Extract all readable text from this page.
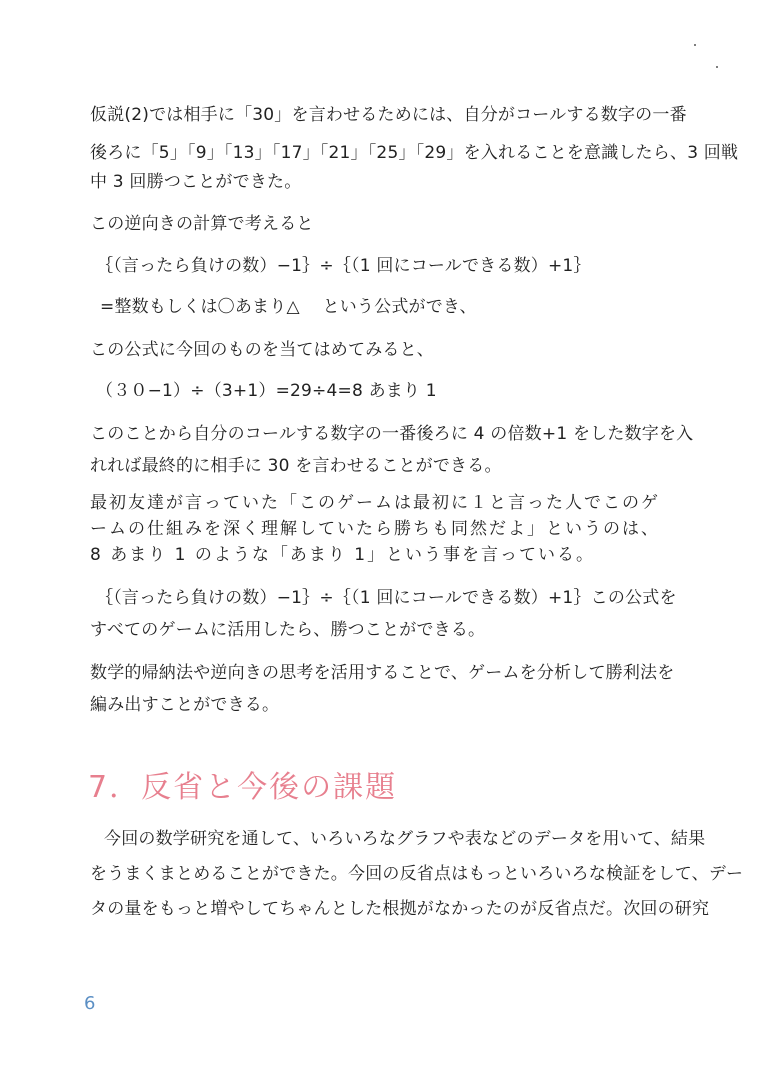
仮説(2)では相手に「30」を言わせるためには、自分がコールする数字の一番
後ろに「5」「9」「13」「17」「21」「25」「29」を入れることを意識したら、3 回戦
中 3 回勝つことができた。
この逆向きの計算で考えると
｛（言ったら負けの数）−1｝÷｛（1 回にコールできる数）+1｝
=整数もしくは〇あまり△　 という公式ができ、
この公式に今回のものを当てはめてみると、
（３０−1）÷（3+1）=29÷4=8 あまり 1
このことから自分のコールする数字の一番後ろに 4 の倍数+1 をした数字を入
れれば最終的に相手に 30 を言わせることができる。
最初友達が言っていた「このゲームは最初に１と言った人でこのゲ
ームの仕組みを深く理解していたら勝ちも同然だよ」というのは、
8 あまり 1 のような「あまり 1」という事を言っている。
｛（言ったら負けの数）−1｝÷｛（1 回にコールできる数）+1｝この公式を
すべてのゲームに活用したら、勝つことができる。
数学的帰納法や逆向きの思考を活用することで、ゲームを分析して勝利法を
編み出すことができる。
7．反省と今後の課題
今回の数学研究を通して、いろいろなグラフや表などのデータを用いて、結果
をうまくまとめることができた。今回の反省点はもっといろいろな検証をして、デー
タの量をもっと増やしてちゃんとした根拠がなかったのが反省点だ。次回の研究
6
